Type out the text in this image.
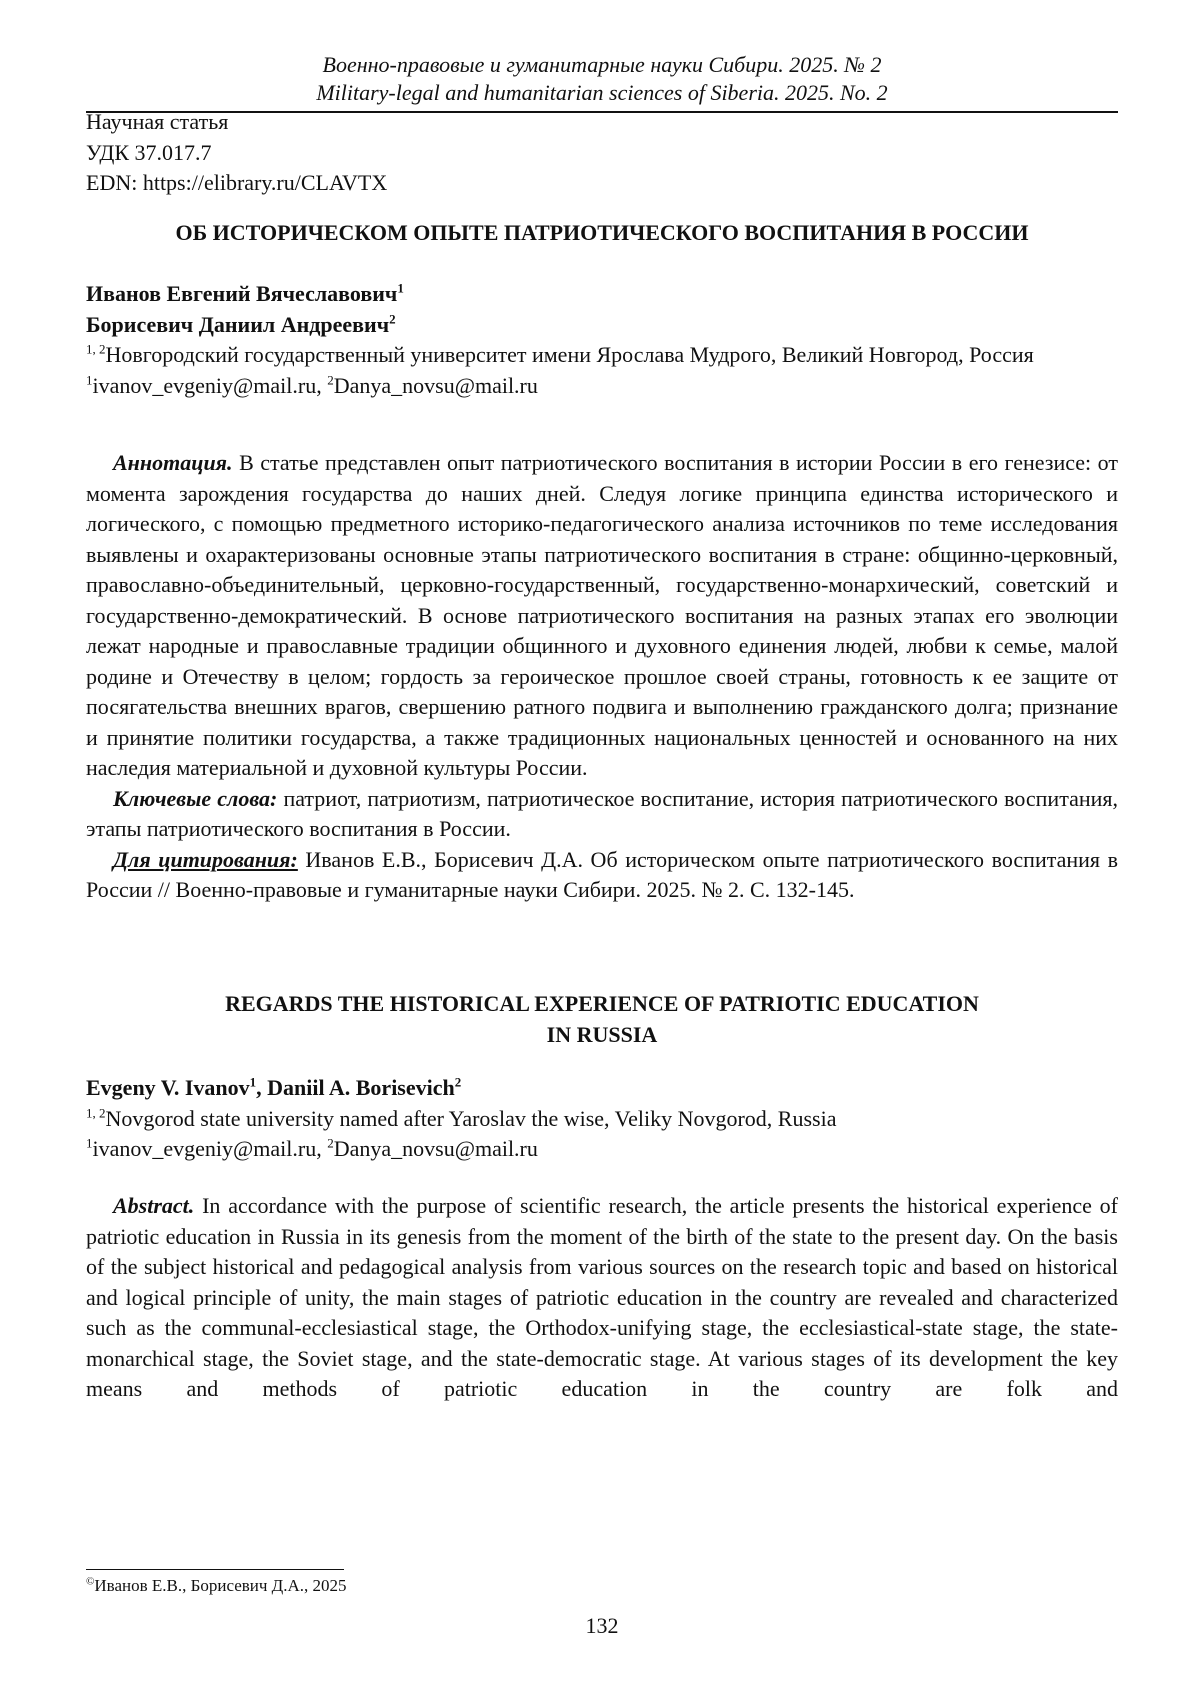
Военно-правовые и гуманитарные науки Сибири. 2025. № 2
Military-legal and humanitarian sciences of Siberia. 2025. No. 2
Научная статья
УДК 37.017.7
EDN: https://elibrary.ru/CLAVTX
ОБ ИСТОРИЧЕСКОМ ОПЫТЕ ПАТРИОТИЧЕСКОГО ВОСПИТАНИЯ В РОССИИ
Иванов Евгений Вячеславович$^1$
Борисевич Даниил Андреевич$^2$
$^{1, 2}$Новгородский государственный университет имени Ярослава Мудрого, Великий Новгород, Россия
$^1$ivanov_evgeniy@mail.ru, $^2$Danya_novsu@mail.ru
Аннотация. В статье представлен опыт патриотического воспитания в истории России в его генезисе: от момента зарождения государства до наших дней. Следуя логике принципа единства исторического и логического, с помощью предметного историко-педагогического анализа источников по теме исследования выявлены и охарактеризованы основные этапы патриотического воспитания в стране: общинно-церковный, православно-объединительный, церковно-государственный, государственно-монархический, советский и государственно-демократический. В основе патриотического воспитания на разных этапах его эволюции лежат народные и православные традиции общинного и духовного единения людей, любви к семье, малой родине и Отечеству в целом; гордость за героическое прошлое своей страны, готовность к ее защите от посягательства внешних врагов, свершению ратного подвига и выполнению гражданского долга; признание и принятие политики государства, а также традиционных национальных ценностей и основанного на них наследия материальной и духовной культуры России.
Ключевые слова: патриот, патриотизм, патриотическое воспитание, история патриотического воспитания, этапы патриотического воспитания в России.
Для цитирования: Иванов Е.В., Борисевич Д.А. Об историческом опыте патриотического воспитания в России // Военно-правовые и гуманитарные науки Сибири. 2025. № 2. С. 132-145.
REGARDS THE HISTORICAL EXPERIENCE OF PATRIOTIC EDUCATION
IN RUSSIA
Evgeny V. Ivanov$^1$, Daniil A. Borisevich$^2$
$^{1, 2}$Novgorod state university named after Yaroslav the wise, Veliky Novgorod, Russia
$^1$ivanov_evgeniy@mail.ru, $^2$Danya_novsu@mail.ru
Abstract. In accordance with the purpose of scientific research, the article presents the historical experience of patriotic education in Russia in its genesis from the moment of the birth of the state to the present day. On the basis of the subject historical and pedagogical analysis from various sources on the research topic and based on historical and logical principle of unity, the main stages of patriotic education in the country are revealed and characterized such as the communal-ecclesiastical stage, the Orthodox-unifying stage, the ecclesiastical-state stage, the state-monarchical stage, the Soviet stage, and the state-democratic stage. At various stages of its development the key means and methods of patriotic education in the country are folk and
©Иванов Е.В., Борисевич Д.А., 2025
132
